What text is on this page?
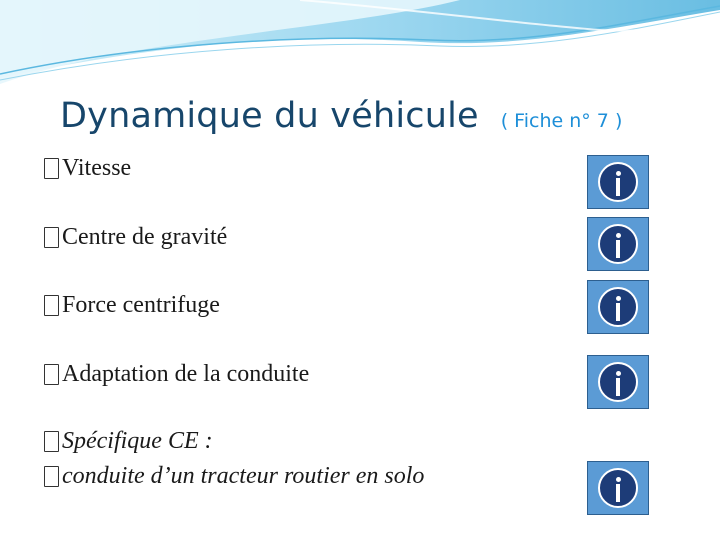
Dynamique du véhicule ( Fiche n° 7 )
Vitesse
Centre de gravité
Force centrifuge
Adaptation de la conduite
Spécifique CE :
conduite d’un tracteur routier en solo
